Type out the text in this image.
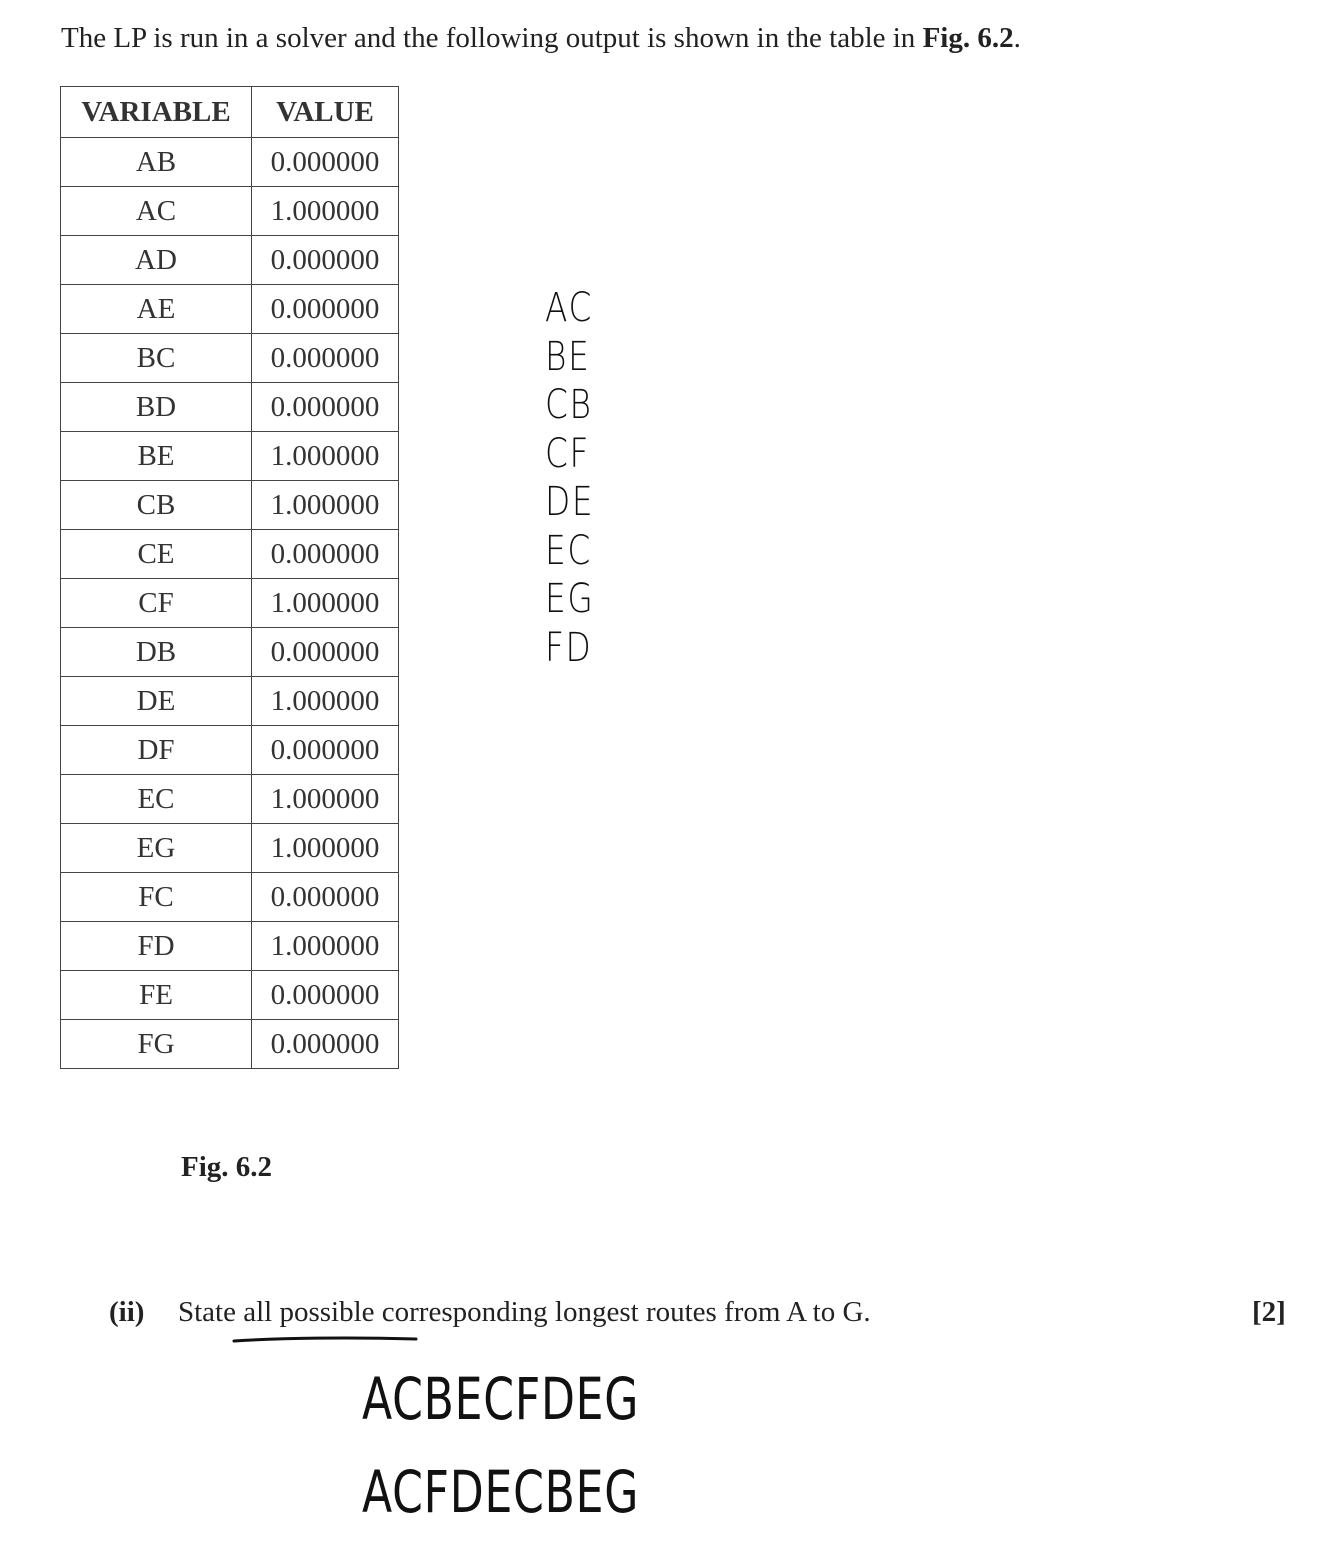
The LP is run in a solver and the following output is shown in the table in Fig. 6.2.
VARIABLE	VALUE
AB	0.000000
AC	1.000000
AD	0.000000
AE	0.000000
BC	0.000000
BD	0.000000
BE	1.000000
CB	1.000000
CE	0.000000
CF	1.000000
DB	0.000000
DE	1.000000
DF	0.000000
EC	1.000000
EG	1.000000
FC	0.000000
FD	1.000000
FE	0.000000
FG	0.000000
Fig. 6.2
AC
BE
CB
CF
DE
EC
EG
FD
(ii) State all possible corresponding longest routes from A to G.	[2]
ACBECFDEG
ACFDECBEG
